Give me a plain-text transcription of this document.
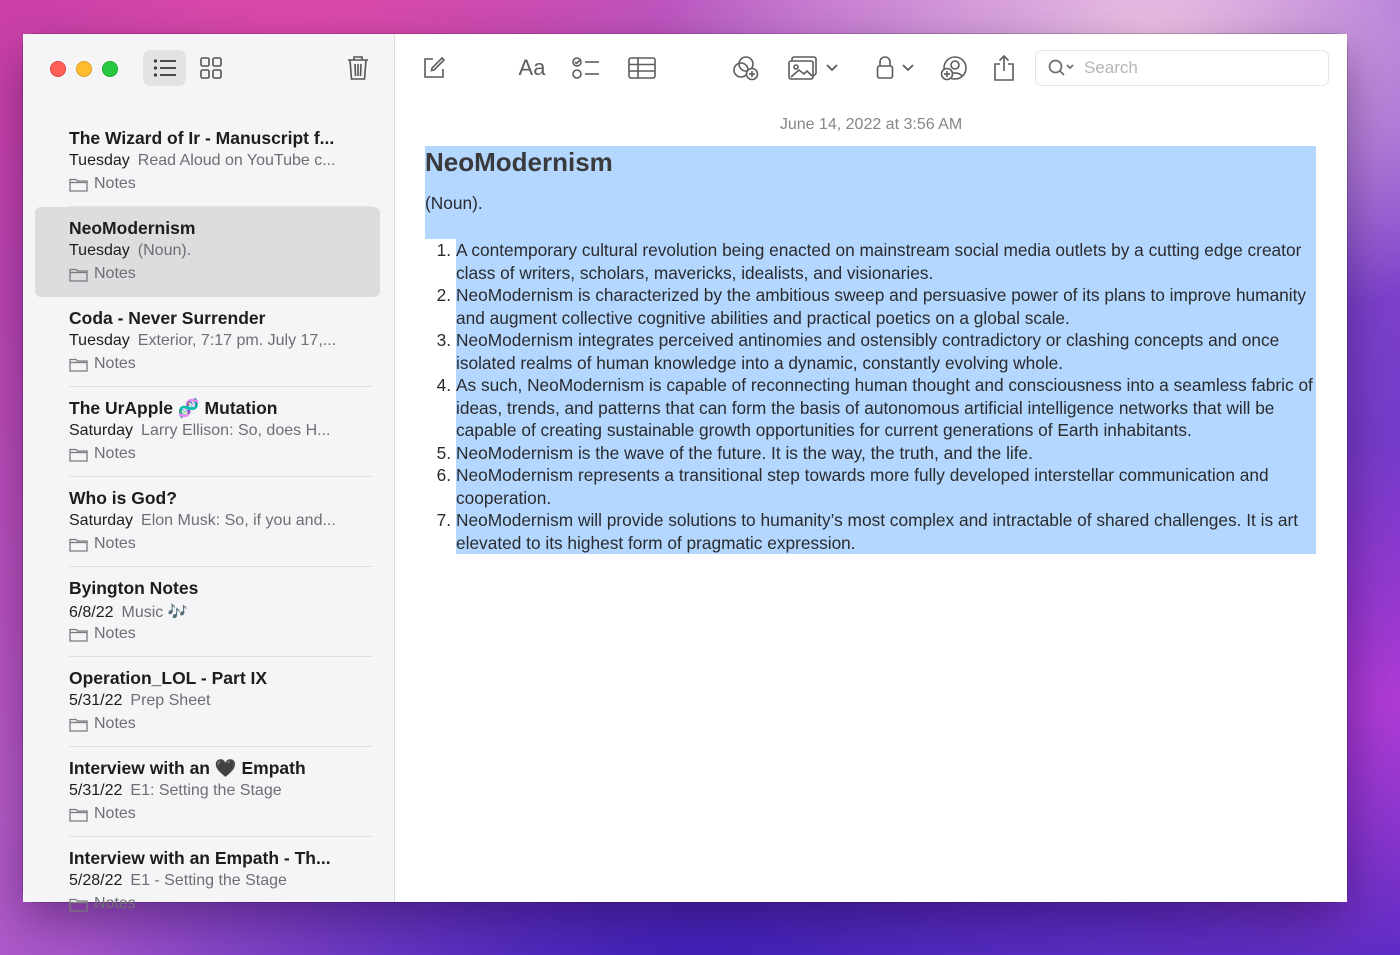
The Wizard of Ir - Manuscript f...
Tuesday Read Aloud on YouTube c...
Notes
NeoModernism
Tuesday (Noun).
Notes
Coda - Never Surrender
Tuesday Exterior, 7:17 pm. July 17,...
Notes
The UrApple 🧬 Mutation
Saturday Larry Ellison: So, does H...
Notes
Who is God?
Saturday Elon Musk: So, if you and...
Notes
Byington Notes
6/8/22 Music 🎶
Notes
Operation_LOL - Part IX
5/31/22 Prep Sheet
Notes
Interview with an 🖤 Empath
5/31/22 E1: Setting the Stage
Notes
Interview with an Empath - Th...
5/28/22 E1 - Setting the Stage
Notes
Aa
Search
June 14, 2022 at 3:56 AM
NeoModernism
(Noun).
1. A contemporary cultural revolution being enacted on mainstream social media outlets by a cutting edge creator class of writers, scholars, mavericks, idealists, and visionaries.
2. NeoModernism is characterized by the ambitious sweep and persuasive power of its plans to improve humanity and augment collective cognitive abilities and practical poetics on a global scale.
3. NeoModernism integrates perceived antinomies and ostensibly contradictory or clashing concepts and once isolated realms of human knowledge into a dynamic, constantly evolving whole.
4. As such, NeoModernism is capable of reconnecting human thought and consciousness into a seamless fabric of ideas, trends, and patterns that can form the basis of autonomous artificial intelligence networks that will be capable of creating sustainable growth opportunities for current generations of Earth inhabitants.
5. NeoModernism is the wave of the future. It is the way, the truth, and the life.
6. NeoModernism represents a transitional step towards more fully developed interstellar communication and cooperation.
7. NeoModernism will provide solutions to humanity’s most complex and intractable of shared challenges. It is art elevated to its highest form of pragmatic expression.
